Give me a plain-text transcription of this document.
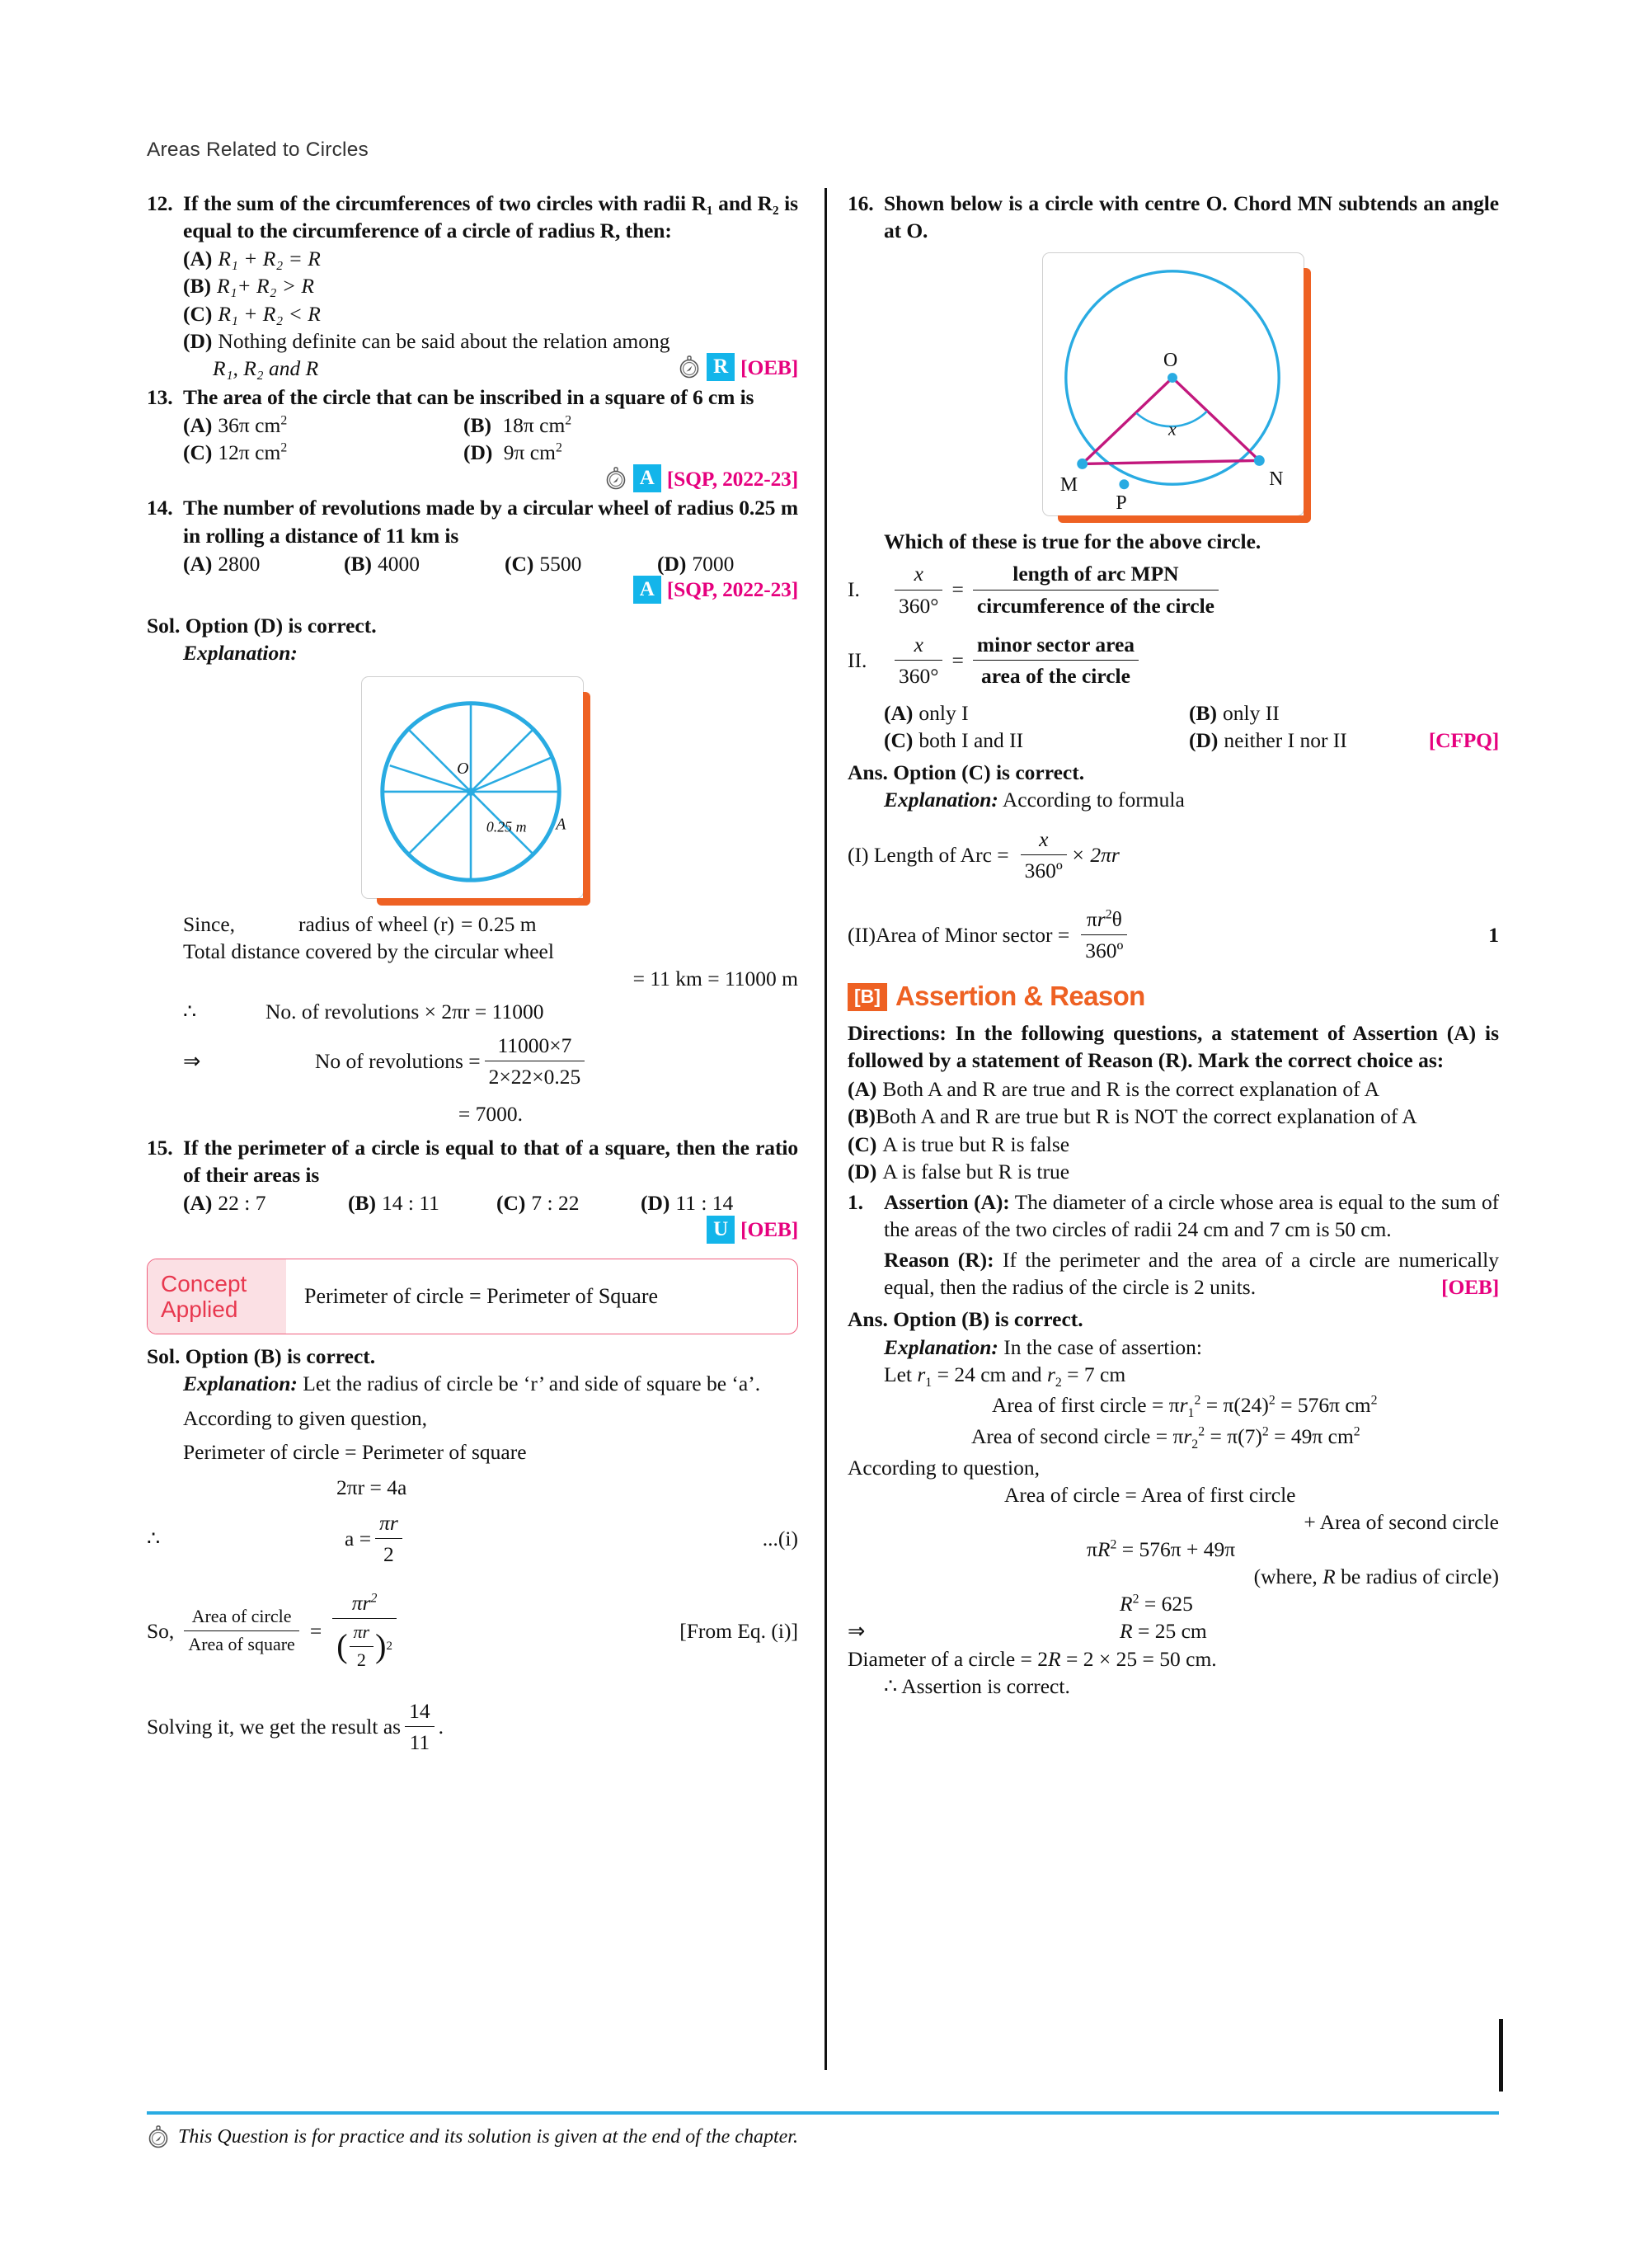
Areas Related to Circles
12. If the sum of the circumferences of two circles with radii R₁ and R₂ is equal to the circumference of a circle of radius R, then:
(A) R₁ + R₂ = R
(B) R₁+ R₂ > R
(C) R₁ + R₂ < R
(D) Nothing definite can be said about the relation among
R₁, R₂ and R	R [OEB]
13. The area of the circle that can be inscribed in a square of 6 cm is
(A) 36π $cm^2$	(B) 18π $cm^2$
(C) 12π $cm^2$	(D) 9π $cm^2$
A [SQP, 2022-23]
14. The number of revolutions made by a circular wheel of radius 0.25 m in rolling a distance of 11 km is
(A) 2800	(B) 4000	(C) 5500	(D) 7000
A [SQP, 2022-23]
Sol. Option (D) is correct.
Explanation:
O
0.25 m A
Since,	radius of wheel (r) = 0.25 m
Total distance covered by the circular wheel
= 11 km = 11000 m
∴	No. of revolutions × 2πr = 11000
⇒	No of revolutions = $\frac{11000\times 7}{2\times 22\times 0.25}$
= 7000.
15. If the perimeter of a circle is equal to that of a square, then the ratio of their areas is
(A) 22 : 7	(B) 14 : 11	(C) 7 : 22	(D) 11 : 14
U [OEB]
Concept Applied
Perimeter of circle = Perimeter of Square
Sol. Option (B) is correct.
Explanation: Let the radius of circle be ‘r’ and side of square be ‘a’.
According to given question,
Perimeter of circle = Perimeter of square
2πr = 4a
∴	$a = \frac{\pi r}{2}$	...(i)
So, $\frac{\text{Area of circle}}{\text{Area of square}}$ =
$\pi r^2$
( $\frac{\pi r}{2}$ ) 2
[From Eq. (i)]
Solving it, we get the result as $\frac{14}{11}$ .
16. Shown below is a circle with centre O. Chord MN subtends an angle at O.
O
x
M	N
P
Which of these is true for the above circle.
I.	$\frac{x}{360^\circ} = \frac{\text{length of arc MPN}}{\text{circumference of the circle}}$
II.	$\frac{x}{360^\circ} = \frac{\text{minor sector area}}{\text{area of the circle}}$
(A) only I	(B) only II
(C) both I and II	(D) neither I nor II	[CFPQ]
Ans. Option (C) is correct.
Explanation: According to formula
(I) Length of Arc = $\frac{x}{\text{360º}} \times 2\pi r$
(II)Area of Minor sector = $\frac{\pi r^2\theta}{\text{360º}}$	1
[B] Assertion & Reason
Directions: In the following questions, a statement of Assertion (A) is followed by a statement of Reason (R). Mark the correct choice as:
(A) Both A and R are true and R is the correct explanation of A
(B) Both A and R are true but R is NOT the correct explanation of A
(C) A is true but R is false
(D) A is false but R is true
1. Assertion (A): The diameter of a circle whose area is equal to the sum of the areas of the two circles of radii 24 cm and 7 cm is 50 cm.
Reason (R): If the perimeter and the area of a circle are numerically equal, then the radius of the circle is 2 units.	[OEB]
Ans. Option (B) is correct.
Explanation: In the case of assertion:
Let $r_1 = 24$ cm and $r_2 = 7$ cm
Area of first circle = $\pi r_1^2 = \pi(24)^2 = 576\pi$ $cm^2$
Area of second circle = $\pi r_2^2 = \pi(7)^2 = 49\pi$ $cm^2$
According to question,
Area of circle = Area of first circle
+ Area of second circle
$\pi R^2 = 576\pi + 49\pi$
(where, R be radius of circle)
$R^2 = 625$
⇒	R = 25 cm
Diameter of a circle = 2R = 2 × 25 = 50 cm.
∴ Assertion is correct.
This Question is for practice and its solution is given at the end of the chapter.
